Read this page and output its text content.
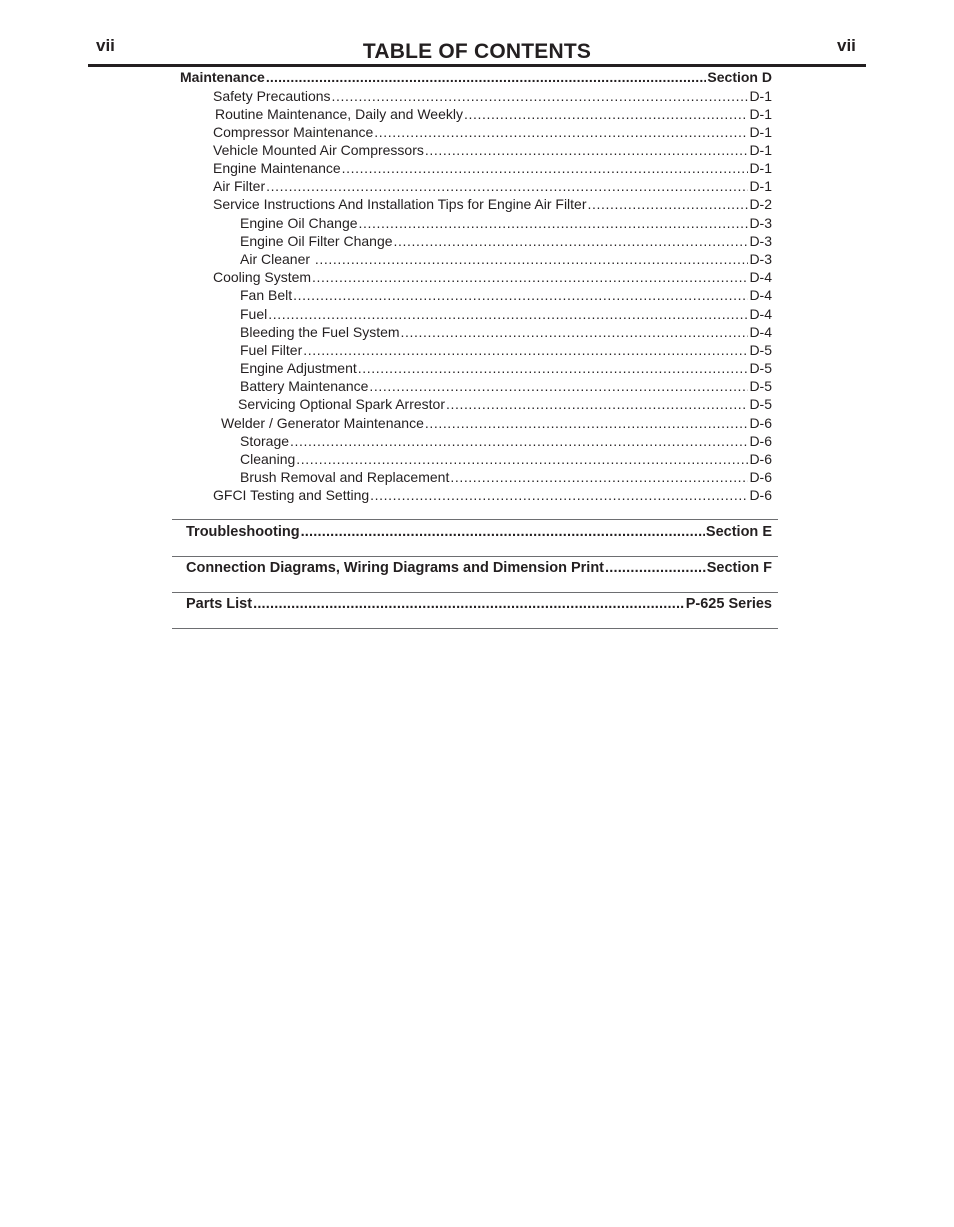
vii	TABLE OF CONTENTS	vii
Maintenance .....	Section D
Safety Precautions .....	D-1
Routine Maintenance, Daily and Weekly .....	D-1
Compressor Maintenance .....	D-1
Vehicle Mounted Air Compressors .....	D-1
Engine Maintenance .....	D-1
Air Filter .....	D-1
Service Instructions And Installation Tips for Engine Air Filter .....	D-2
Engine Oil Change .....	D-3
Engine Oil Filter Change .....	D-3
Air Cleaner .....	D-3
Cooling System .....	D-4
Fan Belt .....	D-4
Fuel .....	D-4
Bleeding the Fuel System .....	D-4
Fuel Filter .....	D-5
Engine Adjustment .....	D-5
Battery Maintenance .....	D-5
Servicing Optional Spark Arrestor .....	D-5
Welder / Generator Maintenance .....	D-6
Storage .....	D-6
Cleaning .....	D-6
Brush Removal and Replacement .....	D-6
GFCI Testing and Setting .....	D-6
Troubleshooting .....	Section E
Connection Diagrams, Wiring Diagrams and Dimension Print .....	Section F
Parts List .....	P-625 Series
